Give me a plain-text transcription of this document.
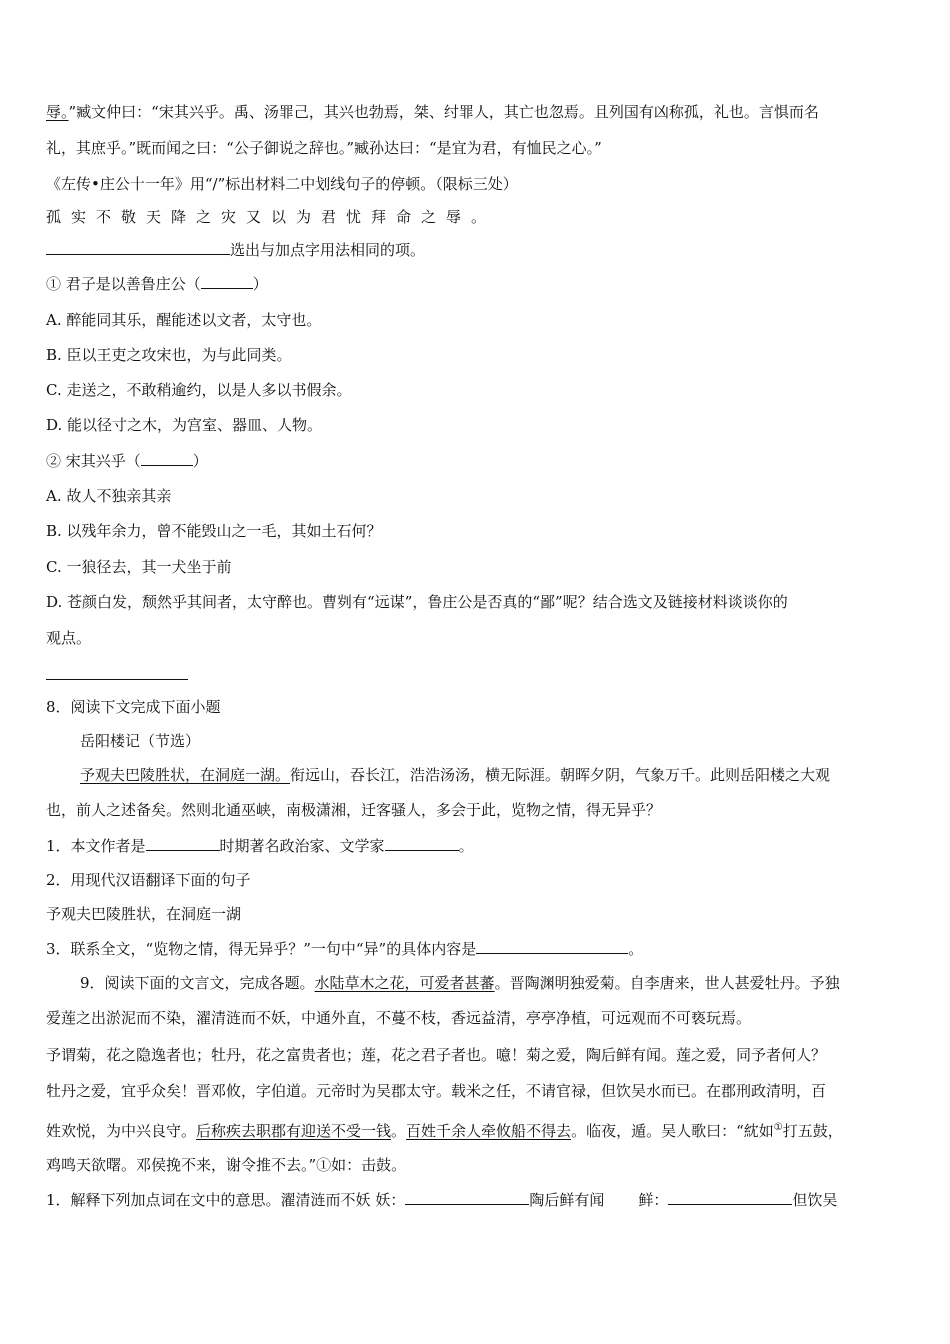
辱。”臧文仲曰：“宋其兴乎。禹、汤罪己，其兴也勃焉，桀、纣罪人，其亡也忽焉。且列国有凶称孤，礼也。言惧而名
礼，其庶乎。”既而闻之曰：“公子御说之辞也。”臧孙达曰：“是宜为君，有恤民之心。”
《左传•庄公十一年》用“/”标出材料二中划线句子的停顿。（限标三处）
孤实不敬天降之灾又以为君忧拜命之辱。
选出与加点字用法相同的项。
① 君子是以善鲁庄公（	）
A. 醉能同其乐，醒能述以文者，太守也。
B. 臣以王吏之攻宋也，为与此同类。
C. 走送之，不敢稍逾约，以是人多以书假余。
D. 能以径寸之木，为宫室、器皿、人物。
② 宋其兴乎（	）
A. 故人不独亲其亲
B. 以残年余力，曾不能毁山之一毛，其如土石何？
C. 一狼径去，其一犬坐于前
D. 苍颜白发，颓然乎其间者，太守醉也。曹刿有“远谋”，鲁庄公是否真的“鄙”呢？结合选文及链接材料谈谈你的
观点。
8．阅读下文完成下面小题
岳阳楼记（节选）
予观夫巴陵胜状，在洞庭一湖。衔远山，吞长江，浩浩汤汤，横无际涯。朝晖夕阴，气象万千。此则岳阳楼之大观
也，前人之述备矣。然则北通巫峡，南极潇湘，迁客骚人，多会于此，览物之情，得无异乎？
1．本文作者是	时期著名政治家、文学家	。
2．用现代汉语翻译下面的句子
予观夫巴陵胜状，在洞庭一湖
3．联系全文，“览物之情，得无异乎？”一句中“异”的具体内容是	。
9．阅读下面的文言文，完成各题。水陆草木之花，可爱者甚蕃。晋陶渊明独爱菊。自李唐来，世人甚爱牡丹。予独
爱莲之出淤泥而不染，濯清涟而不妖，中通外直，不蔓不枝，香远益清，亭亭净植，可远观而不可亵玩焉。
予谓菊，花之隐逸者也；牡丹，花之富贵者也；莲，花之君子者也。噫！菊之爱，陶后鲜有闻。莲之爱，同予者何人？
牡丹之爱，宜乎众矣！晋邓攸，字伯道。元帝时为吴郡太守。载米之任，不请官禄，但饮吴水而已。在郡刑政清明，百
姓欢悦，为中兴良守。后称疾去职郡有迎送不受一钱。百姓千余人牵攸船不得去。临夜，遁。吴人歌曰：“紞如①打五鼓，
鸡鸣天欲曙。邓侯挽不来，谢令推不去。”①如：击鼓。
1．解释下列加点词在文中的意思。濯清涟而不妖 妖：	陶后鲜有闻 鲜：	但饮吴
